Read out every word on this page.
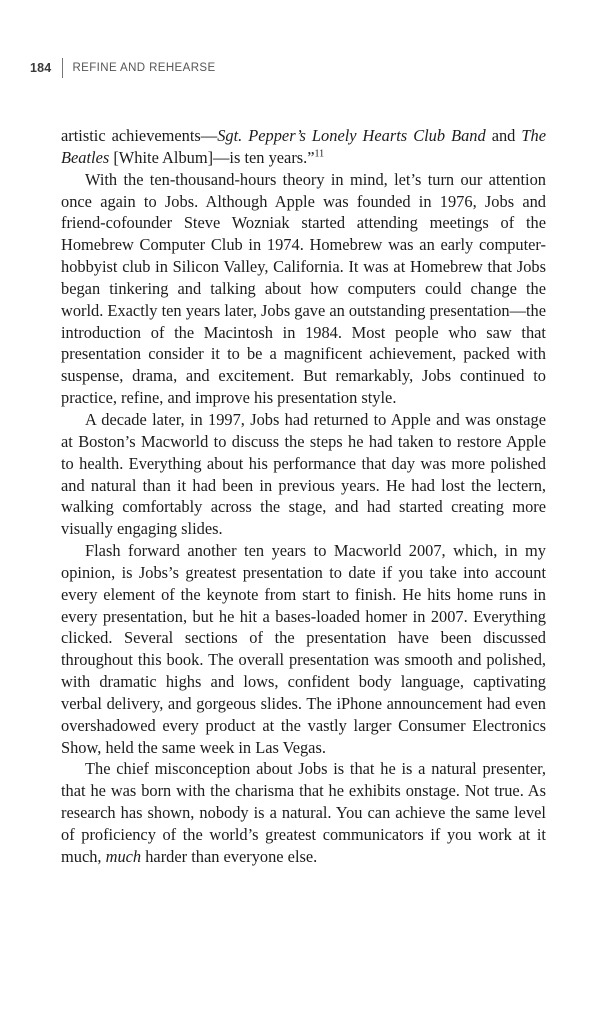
184 REFINE AND REHEARSE

artistic achievements—Sgt. Pepper’s Lonely Hearts Club Band and The Beatles [White Album]—is ten years.”$^{11}$

With the ten-thousand-hours theory in mind, let’s turn our attention once again to Jobs. Although Apple was founded in 1976, Jobs and friend-cofounder Steve Wozniak started attending meetings of the Homebrew Computer Club in 1974. Homebrew was an early computer-hobbyist club in Silicon Valley, California. It was at Homebrew that Jobs began tinkering and talking about how computers could change the world. Exactly ten years later, Jobs gave an outstanding presentation—the introduction of the Macintosh in 1984. Most people who saw that presentation consider it to be a magnificent achievement, packed with suspense, drama, and excitement. But remarkably, Jobs continued to practice, refine, and improve his presentation style.

A decade later, in 1997, Jobs had returned to Apple and was onstage at Boston’s Macworld to discuss the steps he had taken to restore Apple to health. Everything about his performance that day was more polished and natural than it had been in previous years. He had lost the lectern, walking comfortably across the stage, and had started creating more visually engaging slides.

Flash forward another ten years to Macworld 2007, which, in my opinion, is Jobs’s greatest presentation to date if you take into account every element of the keynote from start to finish. He hits home runs in every presentation, but he hit a bases-loaded homer in 2007. Everything clicked. Several sections of the presentation have been discussed throughout this book. The overall presentation was smooth and polished, with dramatic highs and lows, confident body language, captivating verbal delivery, and gorgeous slides. The iPhone announcement had even overshadowed every product at the vastly larger Consumer Electronics Show, held the same week in Las Vegas.

The chief misconception about Jobs is that he is a natural presenter, that he was born with the charisma that he exhibits onstage. Not true. As research has shown, nobody is a natural. You can achieve the same level of proficiency of the world’s greatest communicators if you work at it much, much harder than everyone else.
